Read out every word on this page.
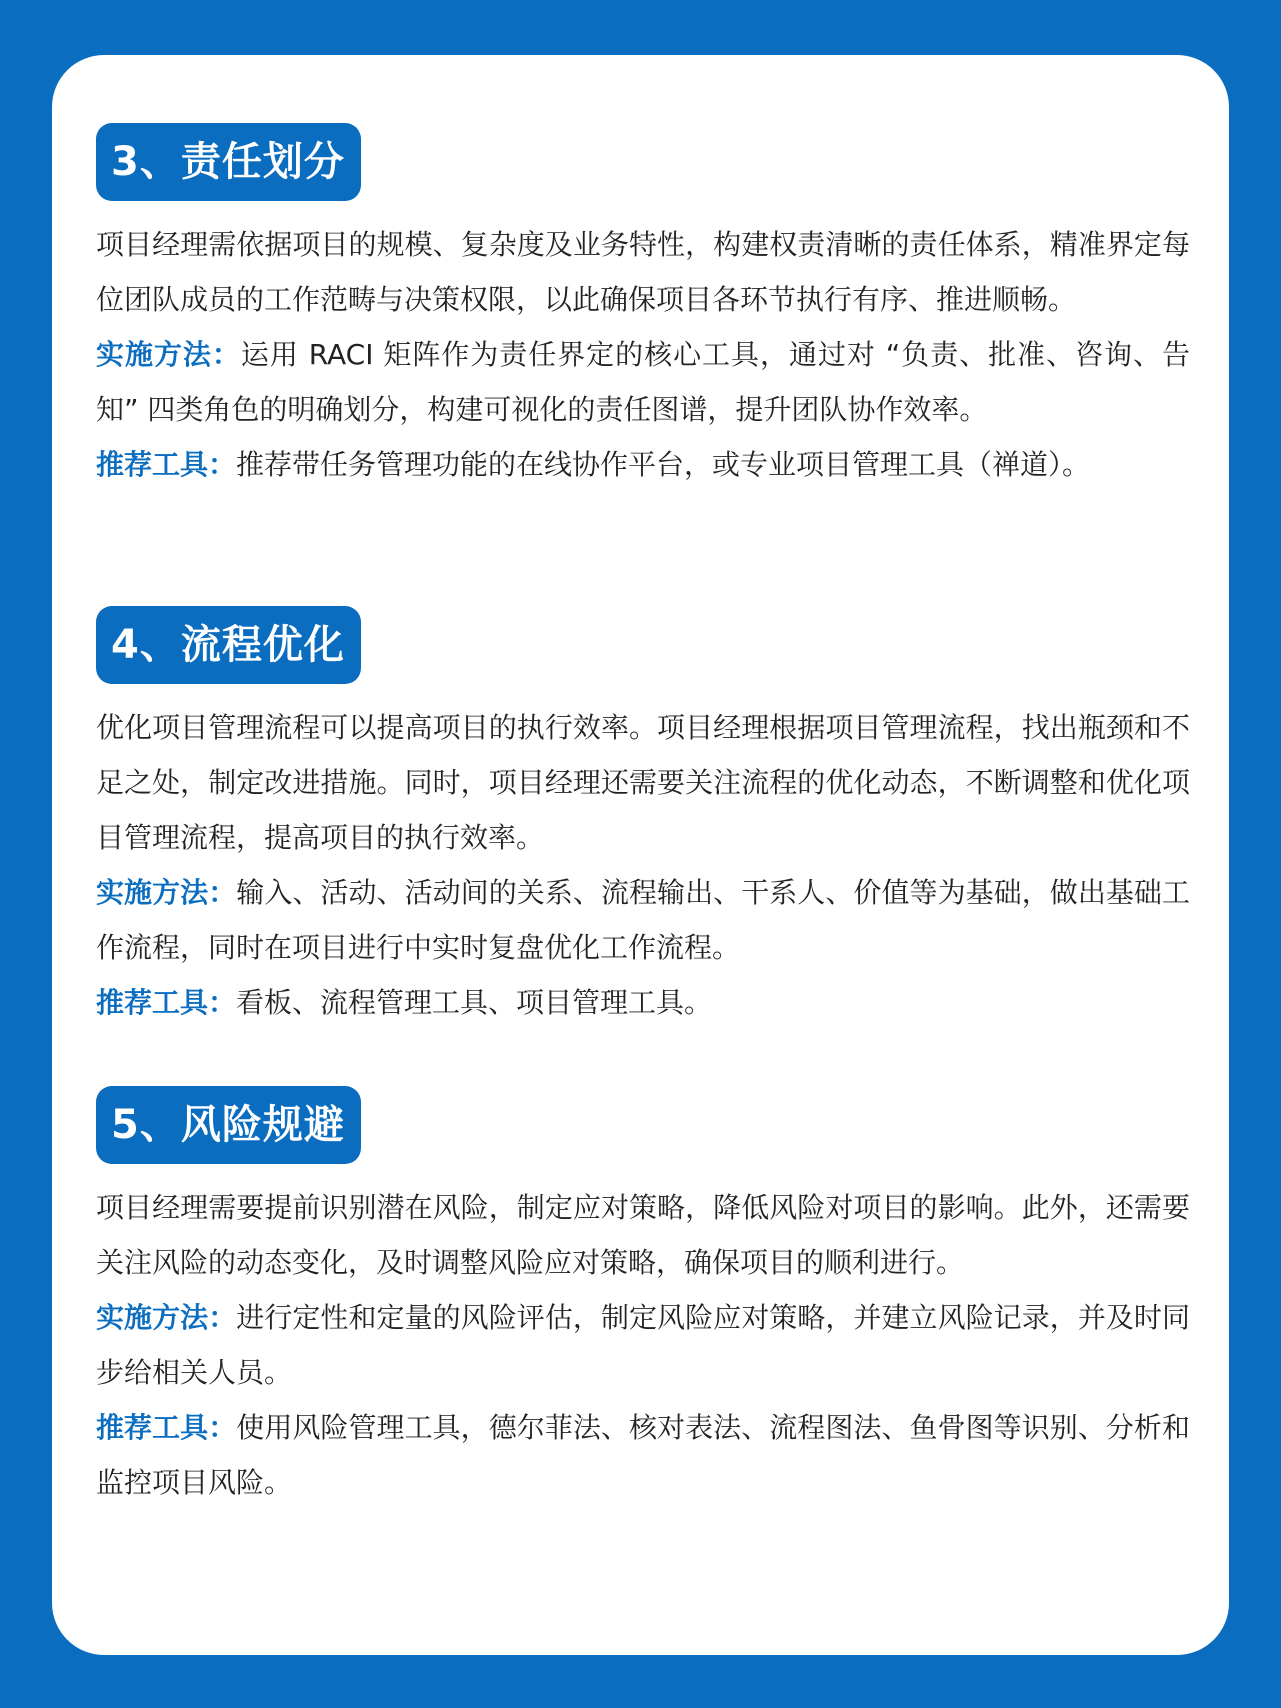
3、责任划分

项目经理需依据项目的规模、复杂度及业务特性，构建权责清晰的责任体系，精准界定每位团队成员的工作范畴与决策权限，以此确保项目各环节执行有序、推进顺畅。

实施方法：运用 RACI 矩阵作为责任界定的核心工具，通过对 “负责、批准、咨询、告知” 四类角色的明确划分，构建可视化的责任图谱，提升团队协作效率。

推荐工具：推荐带任务管理功能的在线协作平台，或专业项目管理工具（禅道）。

4、流程优化

优化项目管理流程可以提高项目的执行效率。项目经理根据项目管理流程，找出瓶颈和不足之处，制定改进措施。同时，项目经理还需要关注流程的优化动态，不断调整和优化项目管理流程，提高项目的执行效率。

实施方法：输入、活动、活动间的关系、流程输出、干系人、价值等为基础，做出基础工作流程，同时在项目进行中实时复盘优化工作流程。

推荐工具：看板、流程管理工具、项目管理工具。

5、风险规避

项目经理需要提前识别潜在风险，制定应对策略，降低风险对项目的影响。此外，还需要关注风险的动态变化，及时调整风险应对策略，确保项目的顺利进行。

实施方法：进行定性和定量的风险评估，制定风险应对策略，并建立风险记录，并及时同步给相关人员。

推荐工具：使用风险管理工具，德尔菲法、核对表法、流程图法、鱼骨图等识别、分析和监控项目风险。
